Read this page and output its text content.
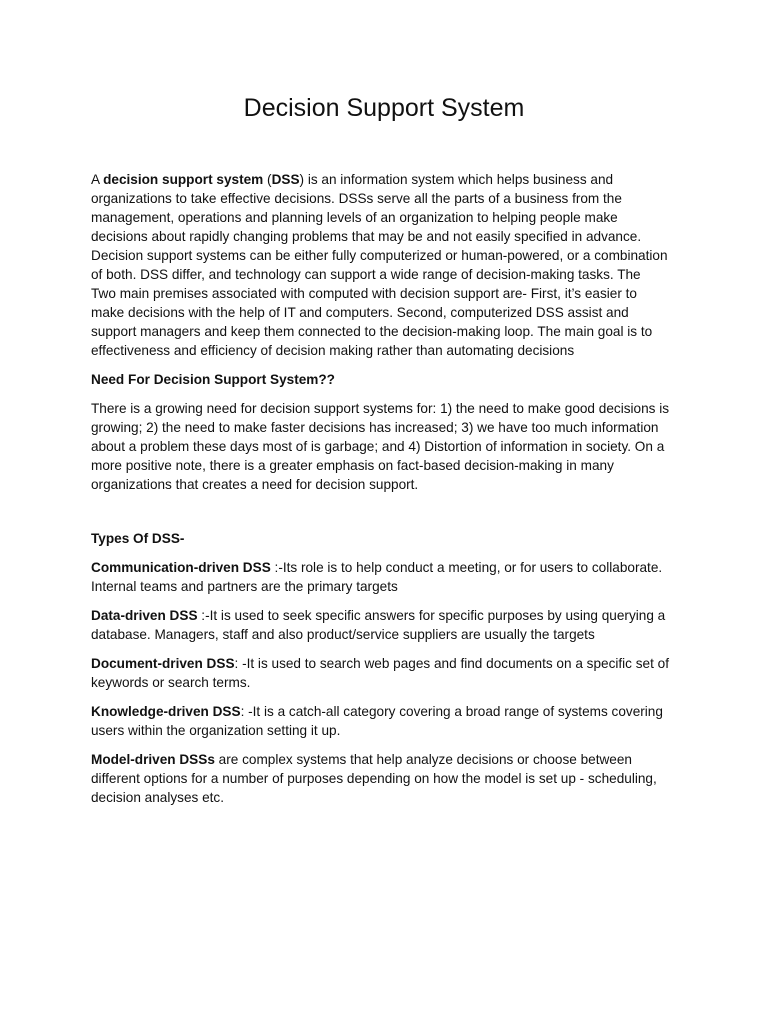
Decision Support System

A decision support system (DSS) is an information system which helps business and
organizations to take effective decisions. DSSs serve all the parts of a business from the
management, operations and planning levels of an organization to helping people make
decisions about rapidly changing problems that may be and not easily specified in advance.
Decision support systems can be either fully computerized or human-powered, or a combination
of both. DSS differ, and technology can support a wide range of decision-making tasks. The
Two main premises associated with computed with decision support are- First, it’s easier to
make decisions with the help of IT and computers. Second, computerized DSS assist and
support managers and keep them connected to the decision-making loop. The main goal is to
effectiveness and efficiency of decision making rather than automating decisions

Need For Decision Support System??

There is a growing need for decision support systems for: 1) the need to make good decisions is
growing; 2) the need to make faster decisions has increased; 3) we have too much information
about a problem these days most of is garbage; and 4) Distortion of information in society. On a
more positive note, there is a greater emphasis on fact-based decision-making in many
organizations that creates a need for decision support.

Types Of DSS-

Communication-driven DSS :-Its role is to help conduct a meeting, or for users to collaborate.
Internal teams and partners are the primary targets

Data-driven DSS :-It is used to seek specific answers for specific purposes by using querying a
database. Managers, staff and also product/service suppliers are usually the targets

Document-driven DSS: -It is used to search web pages and find documents on a specific set of
keywords or search terms.

Knowledge-driven DSS: -It is a catch-all category covering a broad range of systems covering
users within the organization setting it up.

Model-driven DSSs are complex systems that help analyze decisions or choose between
different options for a number of purposes depending on how the model is set up - scheduling,
decision analyses etc.
